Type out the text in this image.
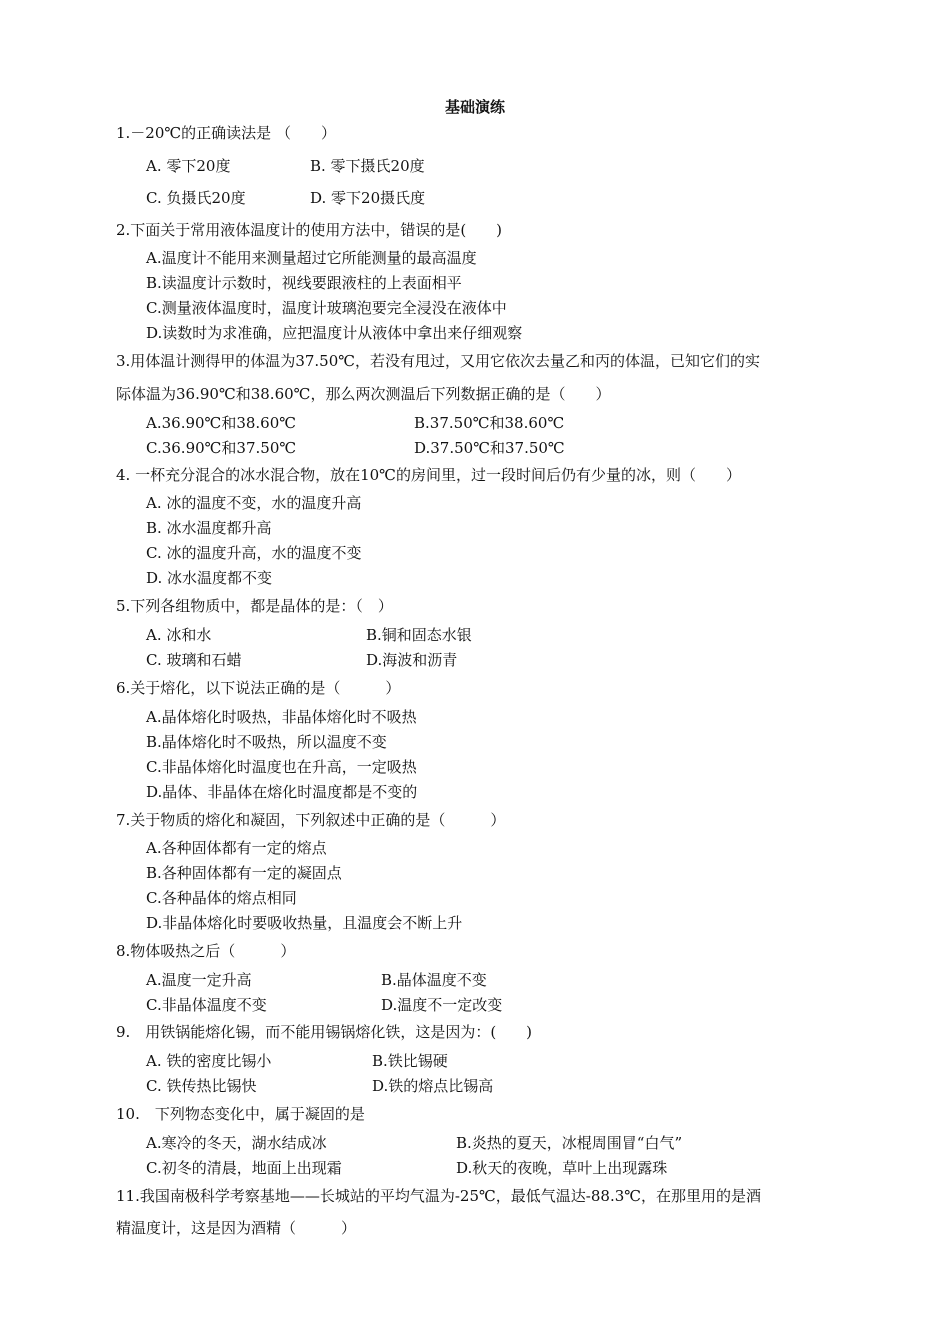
基础演练
1.－20℃的正确读法是 （　　）
A. 零下20度	B. 零下摄氏20度
C. 负摄氏20度	D. 零下20摄氏度
2.下面关于常用液体温度计的使用方法中，错误的是(　　)
A.温度计不能用来测量超过它所能测量的最高温度
B.读温度计示数时，视线要跟液柱的上表面相平
C.测量液体温度时，温度计玻璃泡要完全浸没在液体中
D.读数时为求准确，应把温度计从液体中拿出来仔细观察
3.用体温计测得甲的体温为37.50℃，若没有甩过，又用它依次去量乙和丙的体温，已知它们的实
际体温为36.90℃和38.60℃，那么两次测温后下列数据正确的是（　　）
A.36.90℃和38.60℃	B.37.50℃和38.60℃
C.36.90℃和37.50℃	D.37.50℃和37.50℃
4. 一杯充分混合的冰水混合物，放在10℃的房间里，过一段时间后仍有少量的冰，则（　　）
A. 冰的温度不变，水的温度升高
B. 冰水温度都升高
C. 冰的温度升高，水的温度不变
D. 冰水温度都不变
5.下列各组物质中，都是晶体的是：（　）
A. 冰和水	B.铜和固态水银
C. 玻璃和石蜡	D.海波和沥青
6.关于熔化，以下说法正确的是（　　　）
A.晶体熔化时吸热，非晶体熔化时不吸热
B.晶体熔化时不吸热，所以温度不变
C.非晶体熔化时温度也在升高，一定吸热
D.晶体、非晶体在熔化时温度都是不变的
7.关于物质的熔化和凝固，下列叙述中正确的是（　　　）
A.各种固体都有一定的熔点
B.各种固体都有一定的凝固点
C.各种晶体的熔点相同
D.非晶体熔化时要吸收热量，且温度会不断上升
8.物体吸热之后（　　　）
A.温度一定升高	B.晶体温度不变
C.非晶体温度不变	D.温度不一定改变
9.　用铁锅能熔化锡，而不能用锡锅熔化铁，这是因为：(　　)
A. 铁的密度比锡小	B.铁比锡硬
C. 铁传热比锡快	D.铁的熔点比锡高
10.　下列物态变化中，属于凝固的是
A.寒冷的冬天，湖水结成冰	B.炎热的夏天，冰棍周围冒“白气”
C.初冬的清晨，地面上出现霜	D.秋天的夜晚，草叶上出现露珠
11.我国南极科学考察基地——长城站的平均气温为-25℃，最低气温达-88.3℃，在那里用的是酒
精温度计，这是因为酒精（　　　）
